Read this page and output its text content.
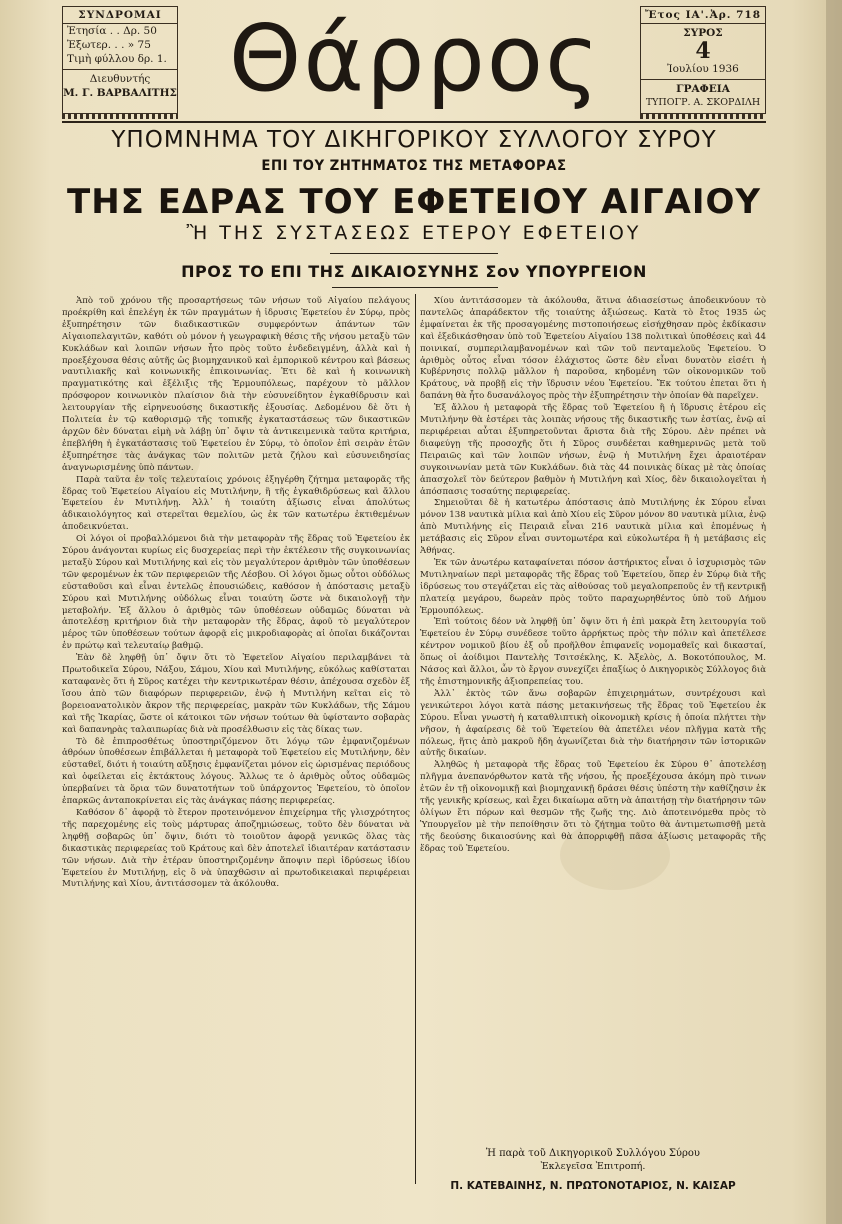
ΣΥΝΔΡΟΜΑΙ
Ἐτησία . . Δρ. 50
Ἐξωτερ. . . » 75
Τιμὴ φύλλου δρ. 1.
Διευθυντής
Μ. Γ. ΒΑΡΒΑΛΙΤΗΣ Θάρρος	Ἔτος ΙΑ'. Ἀρ. 718
ΣΥΡΟΣ
4
Ἰουλίου 1936
ΓΡΑΦΕΙΑ
ΤΥΠΟΓΡ. Α. ΣΚΟΡΔΙΛΗ
ΥΠΟΜΝΗΜΑ ΤΟΥ ΔΙΚΗΓΟΡΙΚΟΥ ΣΥΛΛΟΓΟΥ ΣΥΡΟΥ
ΕΠΙ ΤΟΥ ΖΗΤΗΜΑΤΟΣ ΤΗΣ ΜΕΤΑΦΟΡΑΣ
ΤΗΣ ΕΔΡΑΣ ΤΟΥ ΕΦΕΤΕΙΟΥ ΑΙΓΑΙΟΥ
Ἢ ΤΗΣ ΣΥΣΤΑΣΕΩΣ ΕΤΕΡΟΥ ΕΦΕΤΕΙΟΥ
ΠΡΟΣ ΤΟ ΕΠΙ ΤΗΣ ΔΙΚΑΙΟΣΥΝΗΣ Σον ΥΠΟΥΡΓΕΙΟΝ

Ἀπὸ τοῦ χρόνου τῆς προσαρτήσεως τῶν νήσων τοῦ Αἰγαίου πελάγους προέκρίθη καὶ ἐπελέγη ἐκ τῶν πραγμάτων ἡ ἰδρυσις Ἐφετείου ἐν Σύρῳ, πρὸς ἐξυπηρέτησιν τῶν διαδικαστικῶν συμφερόντων ἁπάντων τῶν Αἰγαιοπελαγιτῶν, καθότι οὐ μόνον ἡ γεωγραφικὴ θέσις τῆς νήσου μεταξὺ τῶν Κυκλάδων καὶ λοιπῶν νήσων ἦτο πρὸς τοῦτο ἐνδεδειγμένη, ἀλλὰ καὶ ἡ προεξέχουσα θέσις αὐτῆς ὡς βιομηχανικοῦ καὶ ἐμπορικοῦ κέντρου καὶ βάσεως ναυτιλιακῆς καὶ κοινωνικῆς ἐπικοινωνίας. Ἐτι δὲ καὶ ἡ κοινωνικὴ πραγματικότης καὶ ἐξέλιξις τῆς Ἑρμουπόλεως, παρέχουν τὸ μᾶλλον πρόσφορον κοινωνικὸν πλαίσιον διὰ τὴν εὐσυνείδητον ἐγκαθίδρυσιν καὶ λειτουργίαν τῆς εἰρηνευούσης δικαστικῆς ἐξουσίας. Δεδομένου δὲ ὅτι ἡ Πολιτεία ἐν τῷ καθορισμῷ τῆς τοπικῆς ἐγκαταστάσεως τῶν δικαστικῶν ἀρχῶν δὲν δύναται εἰμὴ νὰ λάβῃ ὑπ᾽ ὄψιν τὰ ἀντικειμενικὰ ταῦτα κριτήρια, ἐπεβλήθη ἡ ἐγκατάστασις τοῦ Ἐφετείου ἐν Σύρῳ, τὸ ὁποῖον ἐπὶ σειρὰν ἐτῶν ἐξυπηρέτησε τὰς ἀνάγκας τῶν πολιτῶν μετὰ ζήλου καὶ εὐσυνειδησίας ἀναγνωρισμένης ὑπὸ πάντων.

Παρὰ ταῦτα ἐν τοῖς τελευταίοις χρόνοις ἐξηγέρθη ζήτημα μεταφορᾶς τῆς ἕδρας τοῦ Ἐφετείου Αἰγαίου εἰς Μυτιλήνην, ἢ τῆς ἐγκαθιδρύσεως καὶ ἄλλου Ἐφετείου ἐν Μυτιλήνῃ. Ἀλλ᾽ ἡ τοιαύτη ἀξίωσις εἶναι ἀπολύτως ἀδικαιολόγητος καὶ στερεῖται θεμελίου, ὡς ἐκ τῶν κατωτέρω ἐκτιθεμένων ἀποδεικνύεται.

Οἱ λόγοι οἱ προβαλλόμενοι διὰ τὴν μεταφορὰν τῆς ἕδρας τοῦ Ἐφετείου ἐκ Σύρου ἀνάγονται κυρίως εἰς δυσχερείας περὶ τὴν ἐκτέλεσιν τῆς συγκοινωνίας μεταξὺ Σύρου καὶ Μυτιλήνης καὶ εἰς τὸν μεγαλύτερον ἀριθμὸν τῶν ὑποθέσεων τῶν φερομένων ἐκ τῶν περιφερειῶν τῆς Λέσβου. Οἱ λόγοι ὅμως οὗτοι οὐδόλως εὐσταθοῦσι καὶ εἶναι ἐντελῶς ἐπουσιώδεις, καθόσον ἡ ἀπόστασις μεταξὺ Σύρου καὶ Μυτιλήνης οὐδόλως εἶναι τοιαύτη ὥστε νὰ δικαιολογῇ τὴν μεταβολήν. Ἐξ ἄλλου ὁ ἀριθμὸς τῶν ὑποθέσεων οὐδαμῶς δύναται νὰ ἀποτελέσῃ κριτήριον διὰ τὴν μεταφορὰν τῆς ἕδρας, ἀφοῦ τὸ μεγαλύτερον μέρος τῶν ὑποθέσεων τούτων ἀφορᾷ εἰς μικροδιαφορὰς αἱ ὁποῖαι δικάζονται ἐν πρώτῳ καὶ τελευταίῳ βαθμῷ.

Ἐὰν δὲ ληφθῇ ὑπ᾽ ὄψιν ὅτι τὸ Ἐφετεῖον Αἰγαίου περιλαμβάνει τὰ Πρωτοδικεῖα Σύρου, Νάξου, Σάμου, Χίου καὶ Μυτιλήνης, εὐκόλως καθίσταται καταφανὲς ὅτι ἡ Σῦρος κατέχει τὴν κεντρικωτέραν θέσιν, ἀπέχουσα σχεδὸν ἐξ ἴσου ἀπὸ τῶν διαφόρων περιφερειῶν, ἐνῷ ἡ Μυτιλήνη κεῖται εἰς τὸ βορειοανατολικὸν ἄκρον τῆς περιφερείας, μακρὰν τῶν Κυκλάδων, τῆς Σάμου καὶ τῆς Ἰκαρίας, ὥστε οἱ κάτοικοι τῶν νήσων τούτων θὰ ὑφίσταντο σοβαρὰς καὶ δαπανηρὰς ταλαιπωρίας διὰ νὰ προσέλθωσιν εἰς τὰς δίκας των.

Τὸ δὲ ἐπιπροσθέτως ὑποστηριζόμενον ὅτι λόγῳ τῶν ἐμφανιζομένων ἀθρόων ὑποθέσεων ἐπιβάλλεται ἡ μεταφορὰ τοῦ Ἐφετείου εἰς Μυτιλήνην, δὲν εὐσταθεῖ, διότι ἡ τοιαύτη αὔξησις ἐμφανίζεται μόνον εἰς ὡρισμένας περιόδους καὶ ὀφείλεται εἰς ἐκτάκτους λόγους. Ἄλλως τε ὁ ἀριθμὸς οὗτος οὐδαμῶς ὑπερβαίνει τὰ ὅρια τῶν δυνατοτήτων τοῦ ὑπάρχοντος Ἐφετείου, τὸ ὁποῖον ἐπαρκῶς ἀνταποκρίνεται εἰς τὰς ἀνάγκας πάσης περιφερείας.

Καθόσον δ᾽ ἀφορᾷ τὸ ἕτερον προτεινόμενον ἐπιχείρημα τῆς γλισχρότητος τῆς παρεχομένης εἰς τοὺς μάρτυρας ἀποζημιώσεως, τοῦτο δὲν δύναται νὰ ληφθῇ σοβαρῶς ὑπ᾽ ὄψιν, διότι τὸ τοιοῦτον ἀφορᾷ γενικῶς ὅλας τὰς δικαστικὰς περιφερείας τοῦ Κράτους καὶ δὲν ἀποτελεῖ ἰδιαιτέραν κατάστασιν τῶν νήσων. Διὰ τὴν ἑτέραν ὑποστηριζομένην ἄποψιν περὶ ἱδρύσεως ἰδίου Ἐφετείου ἐν Μυτιλήνῃ, εἰς ὃ νὰ ὑπαχθῶσιν αἱ πρωτοδικειακαὶ περιφέρειαι Μυτιλήνης καὶ Χίου, ἀντιτάσσομεν τὰ ἀκόλουθα.

Χίου ἀντιτάσσομεν τὰ ἀκόλουθα, ἅτινα ἀδιασείστως ἀποδεικνύουν τὸ παντελῶς ἀπαράδεκτον τῆς τοιαύτης ἀξιώσεως. Κατὰ τὸ ἔτος 1935 ὡς ἐμφαίνεται ἐκ τῆς προσαγομένης πιστοποιήσεως εἰσήχθησαν πρὸς ἐκδίκασιν καὶ ἐξεδικάσθησαν ὑπὸ τοῦ Ἐφετείου Αἰγαίου 138 πολιτικαὶ ὑποθέσεις καὶ 44 ποινικαί, συμπεριλαμβανομένων καὶ τῶν τοῦ πενταμελοῦς Ἐφετείου. Ὁ ἀριθμὸς οὗτος εἶναι τόσον ἐλάχιστος ὥστε δὲν εἶναι δυνατὸν εἰσέτι ἡ Κυβέρνησις πολλῷ μᾶλλον ἡ παροῦσα, κηδομένη τῶν οἰκονομικῶν τοῦ Κράτους, νὰ προβῇ εἰς τὴν ἵδρυσιν νέου Ἐφετείου. Ἔκ τούτου ἐπεται ὅτι ἡ δαπάνη θὰ ἦτο δυσανάλογος πρὸς τὴν ἐξυπηρέτησιν τὴν ὁποίαν θὰ παρεῖχεν.

Ἐξ ἄλλου ἡ μεταφορὰ τῆς ἕδρας τοῦ Ἐφετείου ἢ ἡ ἵδρυσις ἑτέρου εἰς Μυτιλήνην θὰ ἐστέρει τὰς λοιπὰς νήσους τῆς δικαστικῆς των ἑστίας, ἐνῷ αἱ περιφέρειαι αὗται ἐξυπηρετοῦνται ἄριστα διὰ τῆς Σύρου. Δὲν πρέπει νὰ διαφεύγῃ τῆς προσοχῆς ὅτι ἡ Σῦρος συνδέεται καθημερινῶς μετὰ τοῦ Πειραιῶς καὶ τῶν λοιπῶν νήσων, ἐνῷ ἡ Μυτιλήνη ἔχει ἀραιοτέραν συγκοινωνίαν μετὰ τῶν Κυκλάδων. διὰ τὰς 44 ποινικὰς δίκας μὲ τὰς ὁποίας ἀπασχολεῖ τὸν δεύτερον βαθμὸν ἡ Μυτιλήνη καὶ Χίος, δὲν δικαιολογεῖται ἡ ἀπόσπασις τοσαύτης περιφερείας.

Σημειοῦται δὲ ἡ κατωτέρω ἀπόστασις ἀπὸ Μυτιλήνης ἐκ Σύρου εἶναι μόνον 138 ναυτικὰ μίλια καὶ ἀπὸ Χίου εἰς Σῦρον μόνον 80 ναυτικὰ μίλια, ἐνῷ ἀπὸ Μυτιλήνης εἰς Πειραιᾶ εἶναι 216 ναυτικὰ μίλια καὶ ἑπομένως ἡ μετάβασις εἰς Σῦρον εἶναι συντομωτέρα καὶ εὐκολωτέρα ἢ ἡ μετάβασις εἰς Ἀθήνας.

Ἐκ τῶν ἀνωτέρω καταφαίνεται πόσον ἀστήρικτος εἶναι ὁ ἰσχυρισμὸς τῶν Μυτιληναίων περὶ μεταφορᾶς τῆς ἕδρας τοῦ Ἐφετείου, ὅπερ ἐν Σύρῳ διὰ τῆς ἱδρύσεως του στεγάζεται εἰς τὰς αἰθούσας τοῦ μεγαλοπρεποῦς ἐν τῇ κεντρικῇ πλατείᾳ μεγάρου, δωρεὰν πρὸς τοῦτο παραχωρηθέντος ὑπὸ τοῦ Δήμου Ἑρμουπόλεως.

Ἐπὶ τούτοις δέον νὰ ληφθῇ ὑπ᾽ ὄψιν ὅτι ἡ ἐπὶ μακρὰ ἔτη λειτουργία τοῦ Ἐφετείου ἐν Σύρῳ συνέδεσε τοῦτο ἀρρήκτως πρὸς τὴν πόλιν καὶ ἀπετέλεσε κέντρον νομικοῦ βίου ἐξ οὗ προῆλθον ἐπιφανεῖς νομομαθεῖς καὶ δικασταί, ὅπως οἱ ἀοίδιμοι Παντελὴς Τσιτσέκλης, Κ. Ἀξελὸς, Δ. Βοκοτόπουλος, Μ. Νάσος καὶ ἄλλοι, ὧν τὸ ἔργον συνεχίζει ἐπαξίως ὁ Δικηγορικὸς Σύλλογος διὰ τῆς ἐπιστημονικῆς ἀξιοπρεπείας του.

Ἀλλ᾽ ἐκτὸς τῶν ἄνω σοβαρῶν ἐπιχειρημάτων, συντρέχουσι καὶ γενικώτεροι λόγοι κατὰ πάσης μετακινήσεως τῆς ἕδρας τοῦ Ἐφετείου ἐκ Σύρου. Εἶναι γνωστὴ ἡ καταθλιπτικὴ οἰκονομικὴ κρίσις ἡ ὁποία πλήττει τὴν νῆσον, ἡ ἀφαίρεσις δὲ τοῦ Ἐφετείου θὰ ἀπετέλει νέον πλῆγμα κατὰ τῆς πόλεως, ἥτις ἀπὸ μακροῦ ἤδη ἀγωνίζεται διὰ τὴν διατήρησιν τῶν ἱστορικῶν αὐτῆς δικαίων.

Ἀληθῶς ἡ μεταφορὰ τῆς ἕδρας τοῦ Ἐφετείου ἐκ Σύρου θ᾽ ἀποτελέσῃ πλῆγμα ἀνεπανόρθωτον κατὰ τῆς νήσου, ἧς προεξέχουσα ἀκόμη πρὸ τινων ἐτῶν ἐν τῇ οἰκονομικῇ καὶ βιομηχανικῇ δράσει θέσις ὑπέστη τὴν καθίζησιν ἐκ τῆς γενικῆς κρίσεως, καὶ ἔχει δικαίωμα αὕτη νὰ ἀπαιτήσῃ τὴν διατήρησιν τῶν ὀλίγων ἔτι πόρων καὶ θεσμῶν τῆς ζωῆς της. Διὸ ἀποτεινόμεθα πρὸς τὸ Ὑπουργεῖον μὲ τὴν πεποίθησιν ὅτι τὸ ζήτημα τοῦτο θὰ ἀντιμετωπισθῇ μετὰ τῆς δεούσης δικαιοσύνης καὶ θὰ ἀπορριφθῇ πᾶσα ἀξίωσις μεταφορᾶς τῆς ἕδρας τοῦ Ἐφετείου.

Ἡ παρὰ τοῦ Δικηγορικοῦ Συλλόγου Σύρου
Ἐκλεγεῖσα Ἐπιτροπή.
Π. ΚΑΤΕΒΑΙΝΗΣ, Ν. ΠΡΩΤΟΝΟΤΑΡΙΟΣ, Ν. ΚΑΙΣΑΡ
